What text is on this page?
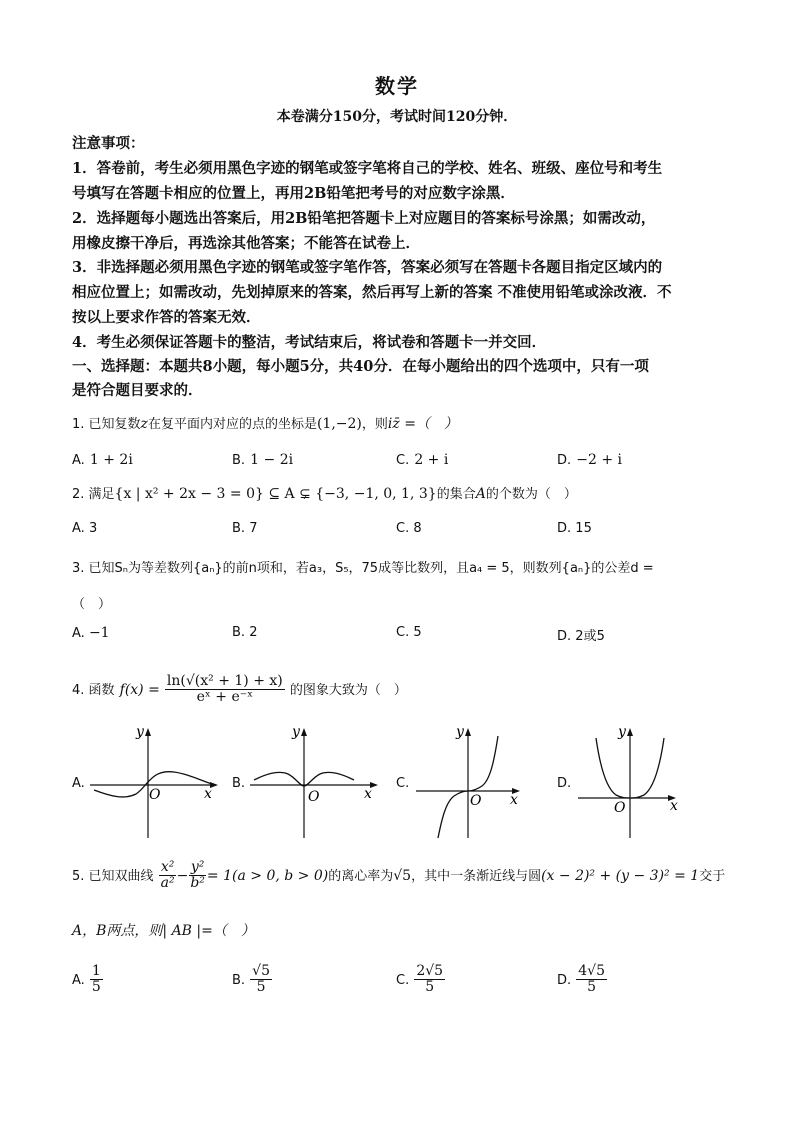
数学
本卷满分150分，考试时间120分钟．
注意事项：
1．答卷前，考生必须用黑色字迹的钢笔或签字笔将自己的学校、姓名、班级、座位号和考生
号填写在答题卡相应的位置上，再用2B铅笔把考号的对应数字涂黑．
2．选择题每小题选出答案后，用2B铅笔把答题卡上对应题目的答案标号涂黑；如需改动，
用橡皮擦干净后，再选涂其他答案；不能答在试卷上．
3．非选择题必须用黑色字迹的钢笔或签字笔作答，答案必须写在答题卡各题目指定区域内的
相应位置上；如需改动，先划掉原来的答案，然后再写上新的答案 不准使用铅笔或涂改液．不
按以上要求作答的答案无效．
4．考生必须保证答题卡的整洁，考试结束后，将试卷和答题卡一并交回．
一、选择题：本题共8小题，每小题5分，共40分．在每小题给出的四个选项中，只有一项
是符合题目要求的．
1. 已知复数z在复平面内对应的点的坐标是(1,−2)，则iz̄ =（　）
A. 1 + 2i	B. 1 − 2i	C. 2 + i	D. −2 + i
2. 满足{x | x² + 2x − 3 = 0} ⊆ A ⊊ {−3, −1, 0, 1, 3}的集合A的个数为（　）
A. 3	B. 7	C. 8	D. 15
3. 已知Sₙ为等差数列{aₙ}的前n项和，若a₃，S₅，75成等比数列，且a₄ = 5，则数列{aₙ}的公差d =
（　）
A. −1	B. 2	C. 5	D. 2或5
4. 函数 $f(x) = \frac{\text{ln(√(x² + 1) + x)}}{\text{eˣ + e⁻ˣ}}$ 的图象大致为（　）
A.	B.	C.	D.
y
x
O
y
x
O
y
x
O
y
x
O
5. 已知双曲线 $\frac{\text{x²}}{\text{a²}} - \frac{\text{y²}}{\text{b²}} = 1(a > 0$, b > 0)的离心率为√5，其中一条渐近线与圆(x − 2)² + (y − 3)² = 1交于
A，B两点，则| AB |=（　）
A. $\frac{1}{5}$	B. $\frac{√5}{5}$	C. $\frac{2√5}{5}$	D. $\frac{4√5}{5}$
